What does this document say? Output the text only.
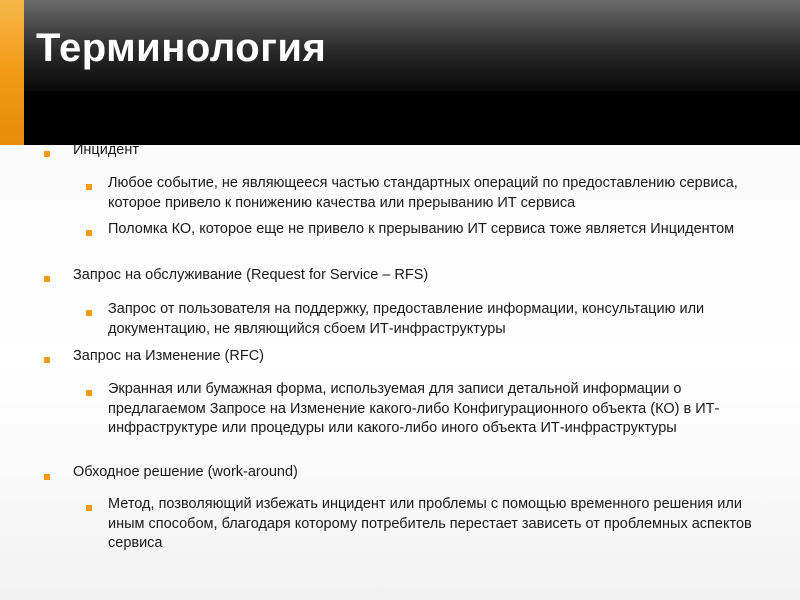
Терминология
Инцидент
Любое событие, не являющееся частью стандартных операций по предоставлению сервиса, которое привело к понижению качества или прерыванию ИТ сервиса
Поломка КО, которое еще не привело к прерыванию ИТ сервиса тоже является Инцидентом
Запрос на обслуживание (Request for Service – RFS)
Запрос от пользователя на поддержку, предоставление информации, консультацию или документацию, не являющийся сбоем ИТ-инфраструктуры
Запрос на Изменение (RFC)
Экранная или бумажная форма, используемая для записи детальной информации о предлагаемом Запросе на Изменение какого-либо Конфигурационного объекта (КО) в ИТ-инфраструктуре или процедуры или какого-либо иного объекта ИТ-инфраструктуры
Обходное решение (work-around)
Метод, позволяющий избежать инцидент или проблемы с помощью временного решения или иным способом, благодаря которому потребитель перестает зависеть от проблемных аспектов сервиса
